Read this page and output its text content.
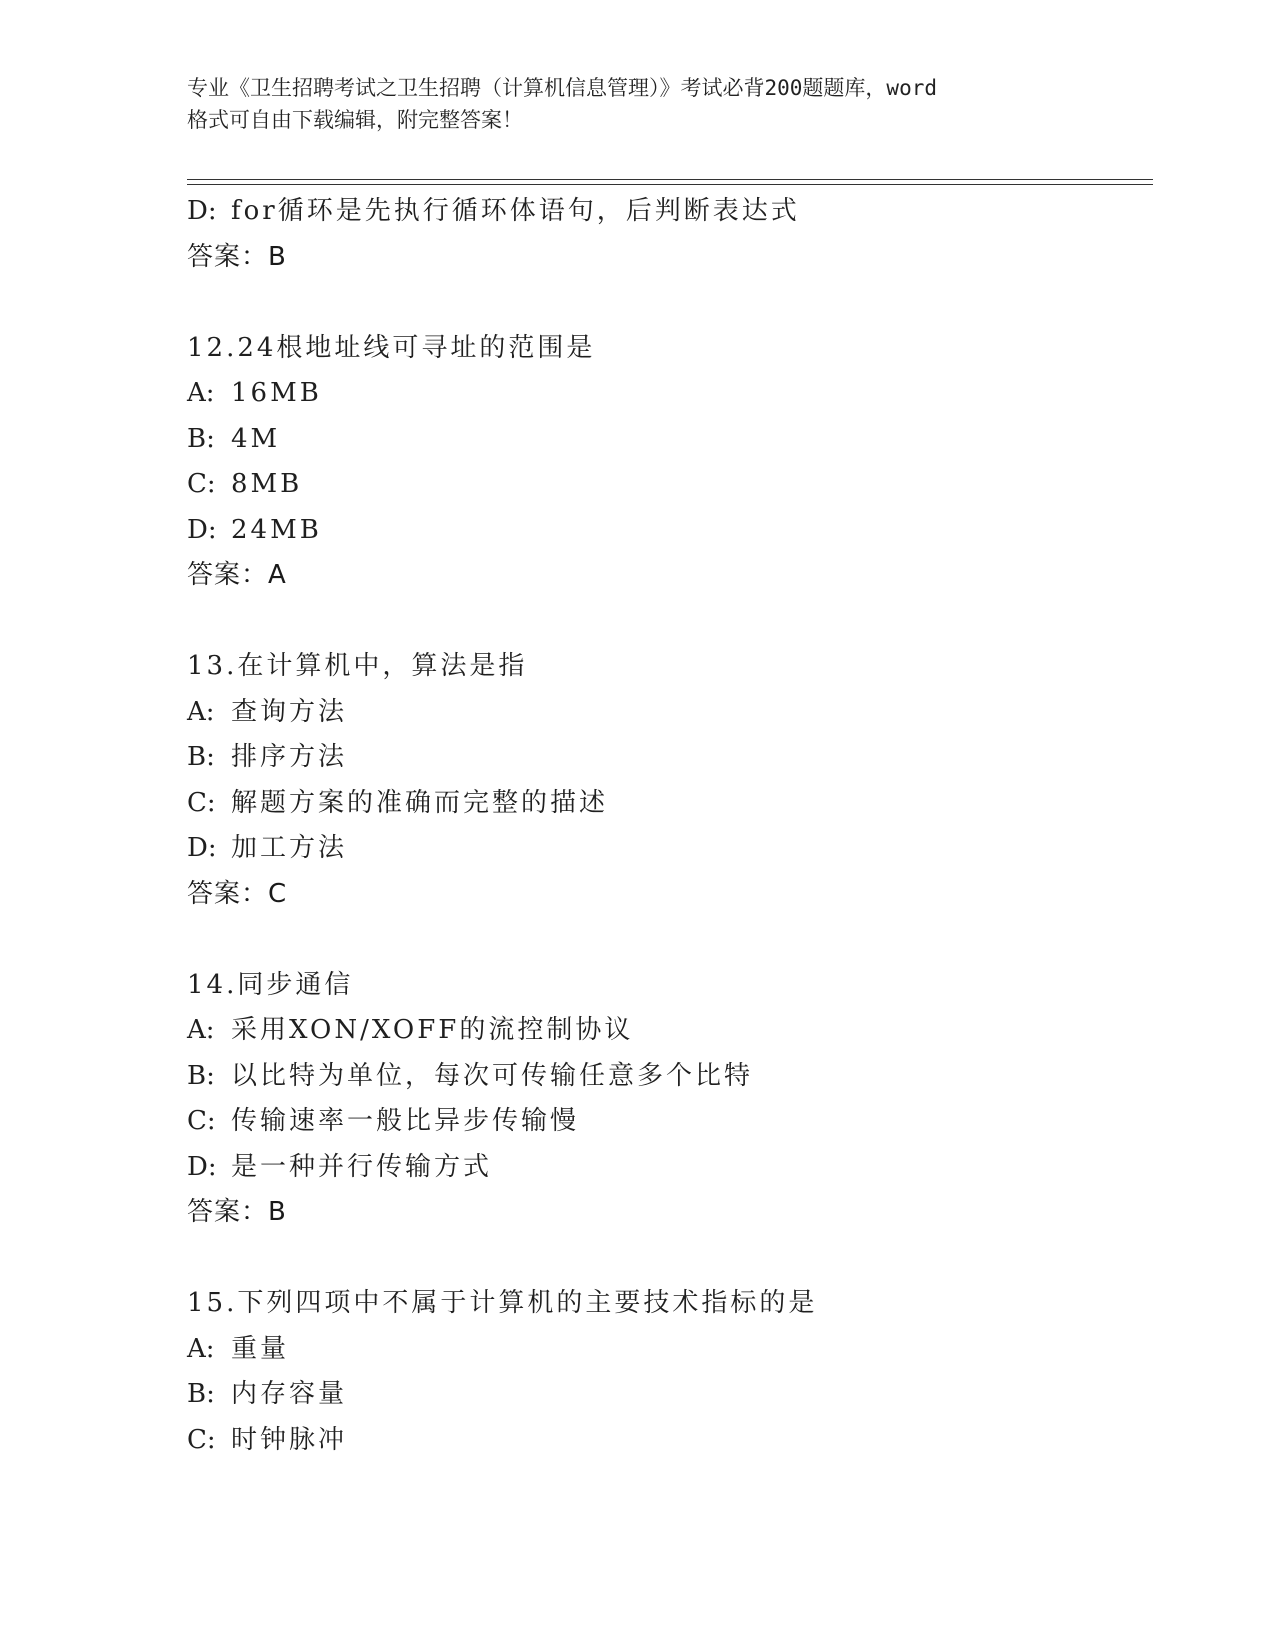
专业《卫生招聘考试之卫生招聘（计算机信息管理）》考试必背200题题库，word
格式可自由下载编辑，附完整答案！
D: for循环是先执行循环体语句，后判断表达式
答案：B
12.24根地址线可寻址的范围是
A: 16MB
B: 4M
C: 8MB
D: 24MB
答案：A
13.在计算机中，算法是指
A: 查询方法
B: 排序方法
C: 解题方案的准确而完整的描述
D: 加工方法
答案：C
14.同步通信
A: 采用XON/XOFF的流控制协议
B: 以比特为单位，每次可传输任意多个比特
C: 传输速率一般比异步传输慢
D: 是一种并行传输方式
答案：B
15.下列四项中不属于计算机的主要技术指标的是
A: 重量
B: 内存容量
C: 时钟脉冲
